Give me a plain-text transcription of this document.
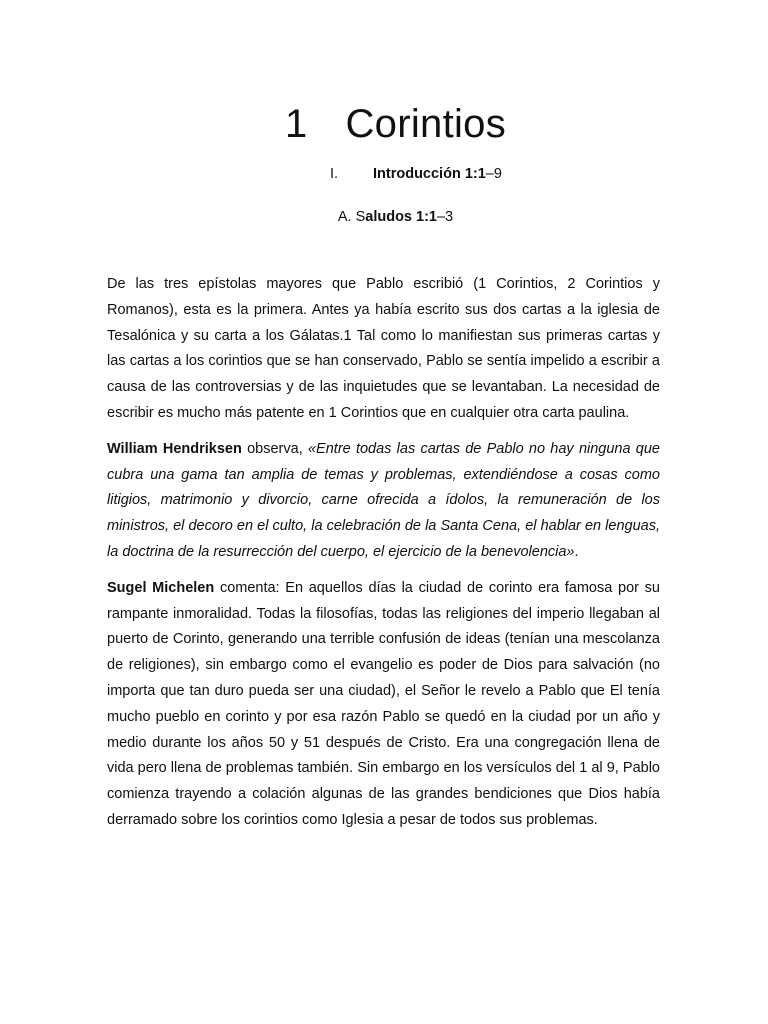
1 Corintios
I. Introducción 1:1–9
A. Saludos 1:1–3

De las tres epístolas mayores que Pablo escribió (1 Corintios, 2 Corintios y Romanos), esta es la primera. Antes ya había escrito sus dos cartas a la iglesia de Tesalónica y su carta a los Gálatas.1 Tal como lo manifiestan sus primeras cartas y las cartas a los corintios que se han conservado, Pablo se sentía impelido a escribir a causa de las controversias y de las inquietudes que se levantaban. La necesidad de escribir es mucho más patente en 1 Corintios que en cualquier otra carta paulina.

William Hendriksen observa, «Entre todas las cartas de Pablo no hay ninguna que cubra una gama tan amplia de temas y problemas, extendiéndose a cosas como litigios, matrimonio y divorcio, carne ofrecida a ídolos, la remuneración de los ministros, el decoro en el culto, la celebración de la Santa Cena, el hablar en lenguas, la doctrina de la resurrección del cuerpo, el ejercicio de la benevolencia».

Sugel Michelen comenta: En aquellos días la ciudad de corinto era famosa por su rampante inmoralidad. Todas la filosofías, todas las religiones del imperio llegaban al puerto de Corinto, generando una terrible confusión de ideas (tenían una mescolanza de religiones), sin embargo como el evangelio es poder de Dios para salvación (no importa que tan duro pueda ser una ciudad), el Señor le revelo a Pablo que El tenía mucho pueblo en corinto y por esa razón Pablo se quedó en la ciudad por un año y medio durante los años 50 y 51 después de Cristo. Era una congregación llena de vida pero llena de problemas también. Sin embargo en los versículos del 1 al 9, Pablo comienza trayendo a colación algunas de las grandes bendiciones que Dios había derramado sobre los corintios como Iglesia a pesar de todos sus problemas.
